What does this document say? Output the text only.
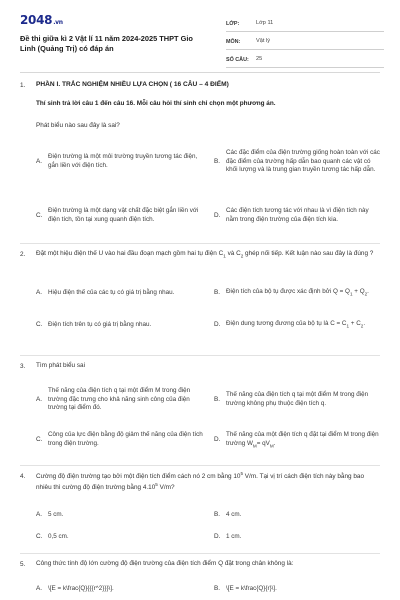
2048.vn
Đề thi giữa kì 2 Vật lí 11 năm 2024-2025 THPT Gio Linh (Quảng Trị) có đáp án
LỚP:	Lớp 11
MÔN:	Vật lý
SỐ CÂU:	25
1. PHẦN I. TRẮC NGHIỆM NHIỀU LỰA CHỌN ( 16 CÂU – 4 ĐIỂM)
Thí sinh trả lời câu 1 đến câu 16. Mỗi câu hỏi thí sinh chỉ chọn một phương án.
Phát biểu nào sau đây là sai?
A.
Điện trường là một môi trường truyền tương tác điện, gắn liền với điện tích.
B.
Các đặc điểm của điện trường giống hoàn toàn với các đặc điểm của trường hấp dẫn bao quanh các vật có khối lượng và là trung gian truyền tương tác hấp dẫn.
C.
Điện trường là một dạng vật chất đặc biệt gắn liền với điện tích, tồn tại xung quanh điện tích.
D.
Các điện tích tương tác với nhau là vì điện tích này nằm trong điện trường của điện tích kia.
2. Đặt một hiệu điện thế U vào hai đầu đoạn mạch gồm hai tụ điện $C_1$ và $C_2$ ghép nối tiếp. Kết luận nào sau đây là đúng ?
A. Hiệu điện thế của các tụ có giá trị bằng nhau.	B. Điện tích của bộ tụ được xác định bởi $Q = Q_1 + Q_2$.
C. Điện tích trên tụ có giá trị bằng nhau.	D. Điện dung tương đương của bộ tụ là $C = C_1 + C_2$.
3. Tìm phát biểu sai
A.
Thế năng của điện tích q tại một điểm M trong điện trường đặc trưng cho khả năng sinh công của điện trường tại điểm đó.
B.
Thế năng của điện tích q tại một điểm M trong điện trường không phụ thuộc điện tích q.
C.
Công của lực điện bằng độ giảm thế năng của điện tích trong điện trường.
D.
Thế năng của một điện tích q đặt tại điểm M trong điện trường $W_M= qV_M$.
4. Cường độ điện trường tạo bởi một điện tích điểm cách nó 2 cm bằng $10^5$ V/m. Tại vị trí cách điện tích này bằng bao nhiêu thì cường độ điện trường bằng 4.10$^5$ V/m?
A. 5 cm.	B. 4 cm.
C. 0,5 cm.	D. 1 cm.
5. Công thức tính độ lớn cường độ điện trường của điện tích điểm Q đặt trong chân không là:
A. \[E = k\frac{Q}{{{r^2}}}\].	B. \[E = k\frac{Q}{r}\].
